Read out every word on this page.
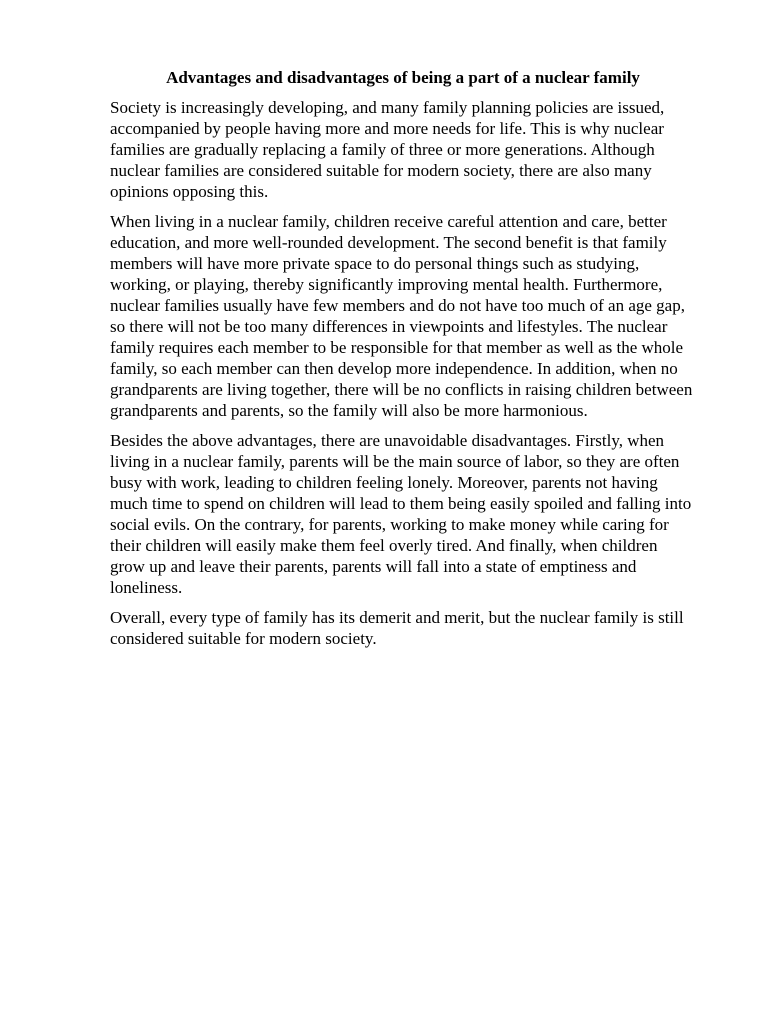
Advantages and disadvantages of being a part of a nuclear family

Society is increasingly developing, and many family planning policies are issued, accompanied by people having more and more needs for life. This is why nuclear families are gradually replacing a family of three or more generations. Although nuclear families are considered suitable for modern society, there are also many opinions opposing this.

When living in a nuclear family, children receive careful attention and care, better education, and more well-rounded development. The second benefit is that family members will have more private space to do personal things such as studying, working, or playing, thereby significantly improving mental health. Furthermore, nuclear families usually have few members and do not have too much of an age gap, so there will not be too many differences in viewpoints and lifestyles. The nuclear family requires each member to be responsible for that member as well as the whole family, so each member can then develop more independence. In addition, when no grandparents are living together, there will be no conflicts in raising children between grandparents and parents, so the family will also be more harmonious.

Besides the above advantages, there are unavoidable disadvantages. Firstly, when living in a nuclear family, parents will be the main source of labor, so they are often busy with work, leading to children feeling lonely. Moreover, parents not having much time to spend on children will lead to them being easily spoiled and falling into social evils. On the contrary, for parents, working to make money while caring for their children will easily make them feel overly tired. And finally, when children grow up and leave their parents, parents will fall into a state of emptiness and loneliness.

Overall, every type of family has its demerit and merit, but the nuclear family is still considered suitable for modern society.
